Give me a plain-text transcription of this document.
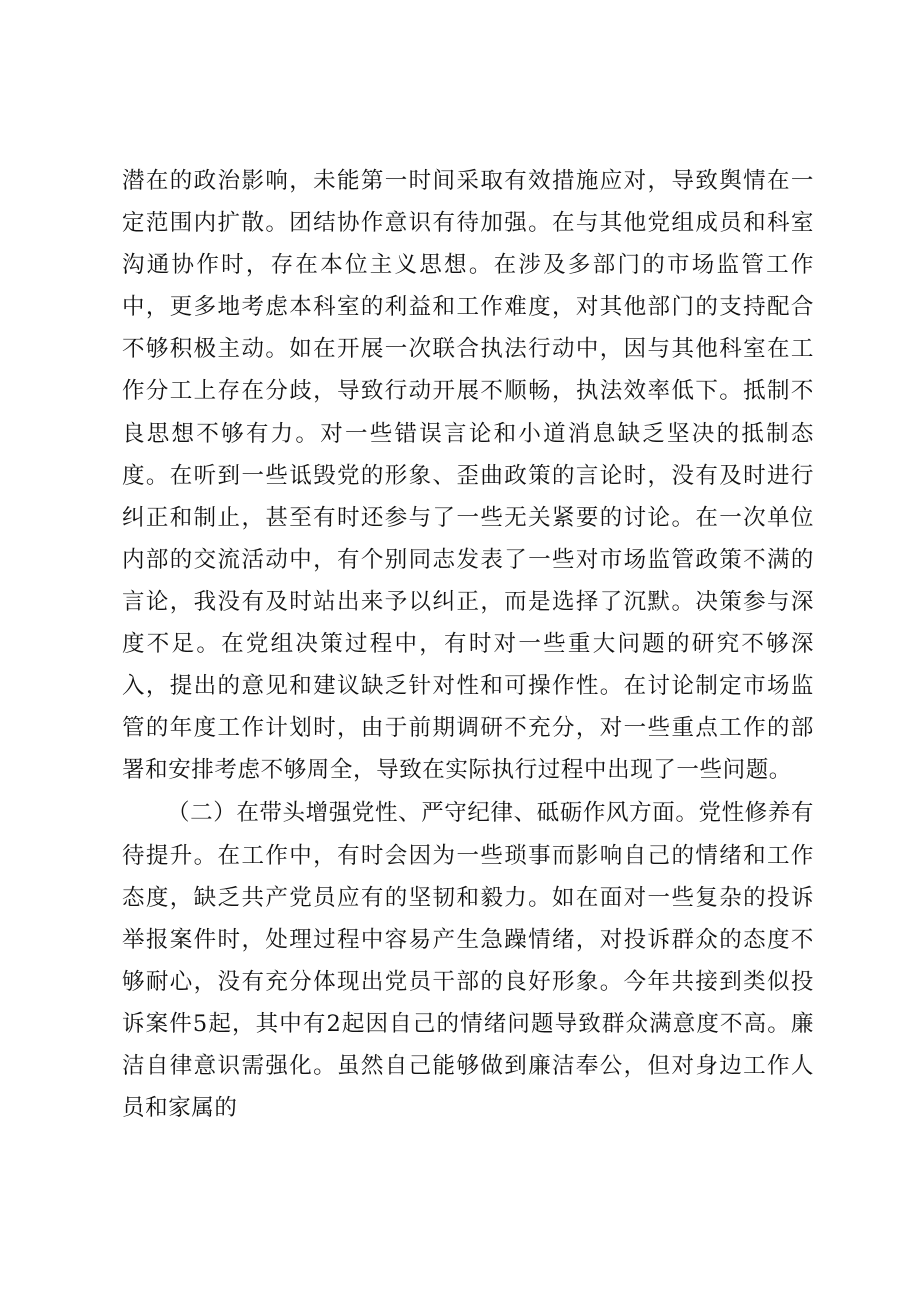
潜在的政治影响，未能第一时间采取有效措施应对，导致舆情在一定范围内扩散。团结协作意识有待加强。在与其他党组成员和科室沟通协作时，存在本位主义思想。在涉及多部门的市场监管工作中，更多地考虑本科室的利益和工作难度，对其他部门的支持配合不够积极主动。如在开展一次联合执法行动中，因与其他科室在工作分工上存在分歧，导致行动开展不顺畅，执法效率低下。抵制不良思想不够有力。对一些错误言论和小道消息缺乏坚决的抵制态度。在听到一些诋毁党的形象、歪曲政策的言论时，没有及时进行纠正和制止，甚至有时还参与了一些无关紧要的讨论。在一次单位内部的交流活动中，有个别同志发表了一些对市场监管政策不满的言论，我没有及时站出来予以纠正，而是选择了沉默。决策参与深度不足。在党组决策过程中，有时对一些重大问题的研究不够深入，提出的意见和建议缺乏针对性和可操作性。在讨论制定市场监管的年度工作计划时，由于前期调研不充分，对一些重点工作的部署和安排考虑不够周全，导致在实际执行过程中出现了一些问题。

（二）在带头增强党性、严守纪律、砥砺作风方面。党性修养有待提升。在工作中，有时会因为一些琐事而影响自己的情绪和工作态度，缺乏共产党员应有的坚韧和毅力。如在面对一些复杂的投诉举报案件时，处理过程中容易产生急躁情绪，对投诉群众的态度不够耐心，没有充分体现出党员干部的良好形象。今年共接到类似投诉案件5起，其中有2起因自己的情绪问题导致群众满意度不高。廉洁自律意识需强化。虽然自己能够做到廉洁奉公，但对身边工作人员和家属的
